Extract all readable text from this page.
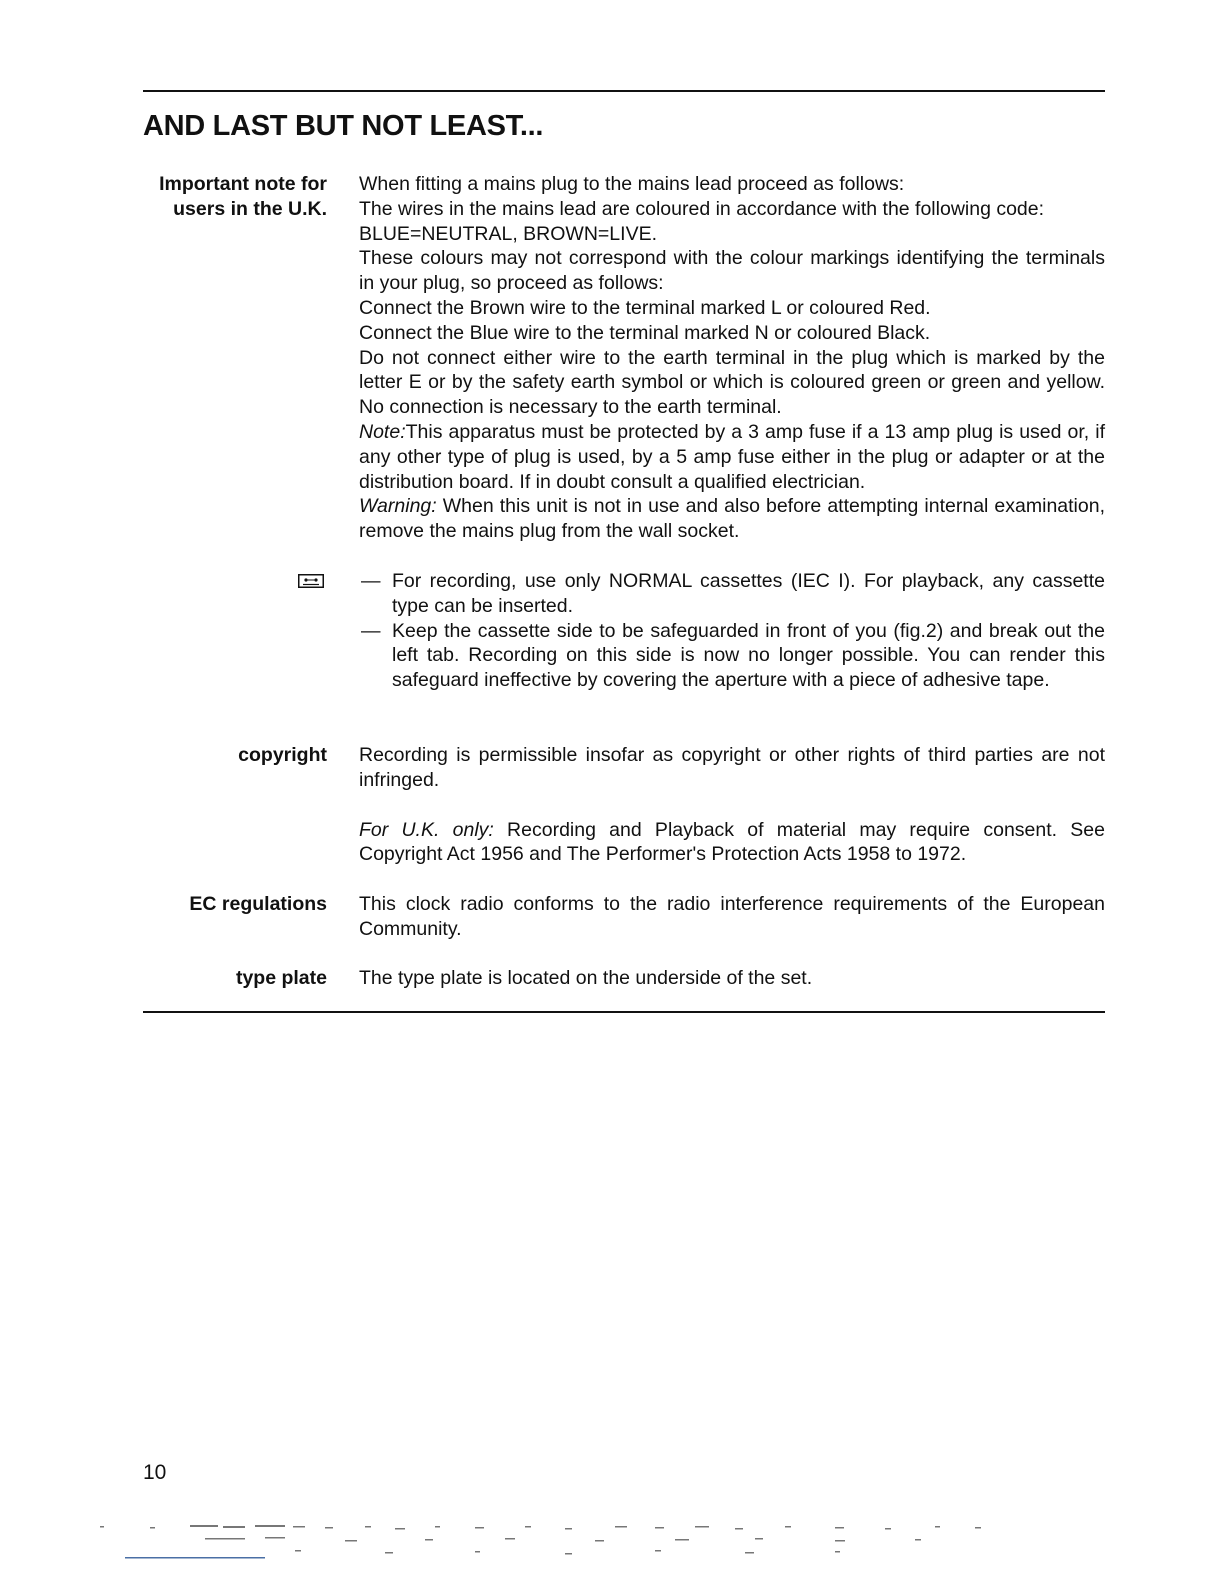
AND LAST BUT NOT LEAST...
Important note for
users in the U.K.

When fitting a mains plug to the mains lead proceed as follows:

The wires in the mains lead are coloured in accordance with the following code:

BLUE=NEUTRAL, BROWN=LIVE.

These colours may not correspond with the colour markings identifying the terminals in your plug, so proceed as follows:

Connect the Brown wire to the terminal marked L or coloured Red.

Connect the Blue wire to the terminal marked N or coloured Black.

Do not connect either wire to the earth terminal in the plug which is marked by the letter E or by the safety earth symbol or which is coloured green or green and yellow. No connection is necessary to the earth terminal.

Note:This apparatus must be protected by a 3 amp fuse if a 13 amp plug is used or, if any other type of plug is used, by a 5 amp fuse either in the plug or adapter or at the distribution board. If in doubt consult a qualified electrician.

Warning: When this unit is not in use and also before attempting internal examination, remove the mains plug from the wall socket.

— For recording, use only NORMAL cassettes (IEC I). For playback, any cassette type can be inserted.
— Keep the cassette side to be safeguarded in front of you (fig.2) and break out the left tab. Recording on this side is now no longer possible. You can render this safeguard ineffective by covering the aperture with a piece of adhesive tape.
copyright Recording is permissible insofar as copyright or other rights of third parties are not infringed.

For U.K. only: Recording and Playback of material may require consent. See Copyright Act 1956 and The Performer's Protection Acts 1958 to 1972.

EC regulations This clock radio conforms to the radio interference requirements of the European Community.

type plate The type plate is located on the underside of the set.

10
